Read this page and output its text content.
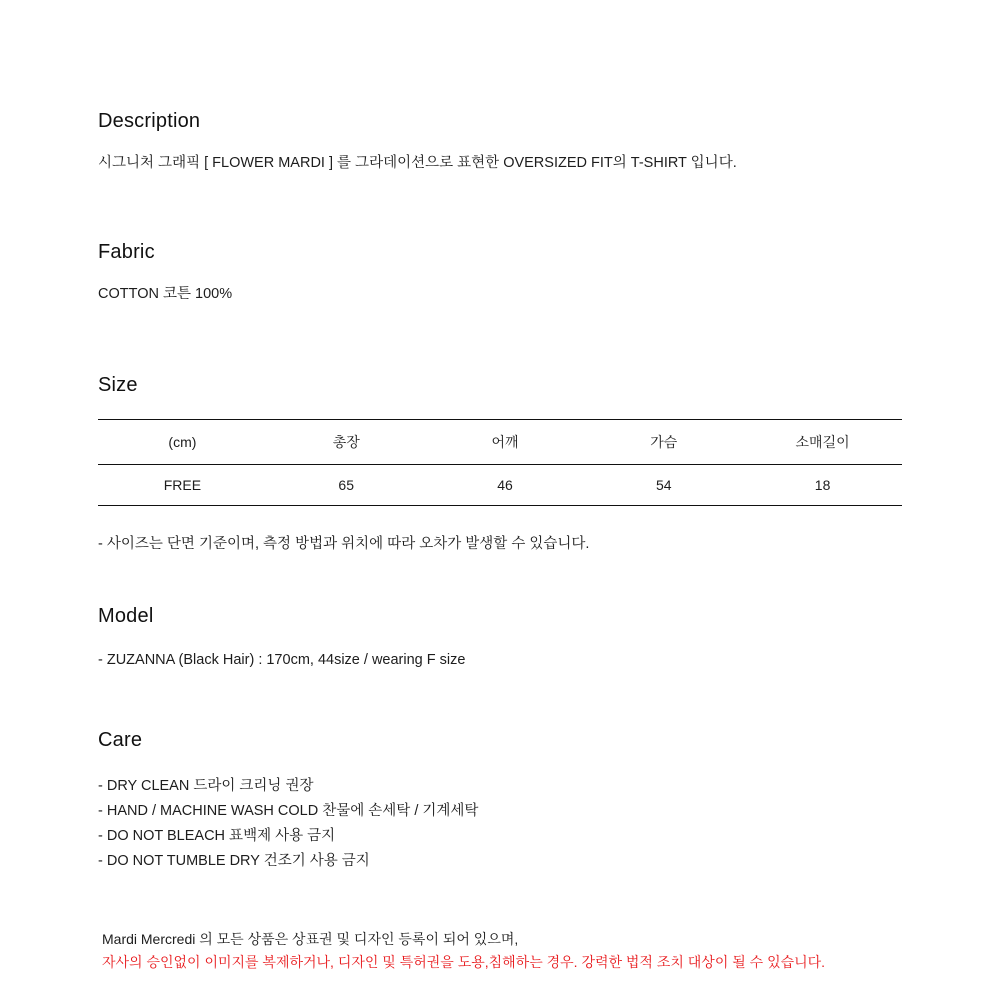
Description

시그니처 그래픽 [ FLOWER MARDI ] 를 그라데이션으로 표현한 OVERSIZED FIT의 T-SHIRT 입니다.

Fabric

COTTON 코튼 100%

Size
(cm)	총장	어깨	가슴	소매길이
FREE	65	46	54	18

- 사이즈는 단면 기준이며, 측정 방법과 위치에 따라 오차가 발생할 수 있습니다.

Model

- ZUZANNA (Black Hair) : 170cm, 44size / wearing F size

Care
- DRY CLEAN 드라이 크리닝 권장
- HAND / MACHINE WASH COLD 찬물에 손세탁 / 기계세탁
- DO NOT BLEACH 표백제 사용 금지
- DO NOT TUMBLE DRY 건조기 사용 금지
Mardi Mercredi 의 모든 상품은 상표권 및 디자인 등록이 되어 있으며,
자사의 승인없이 이미지를 복제하거나, 디자인 및 특허권을 도용,침해하는 경우. 강력한 법적 조치 대상이 될 수 있습니다.
